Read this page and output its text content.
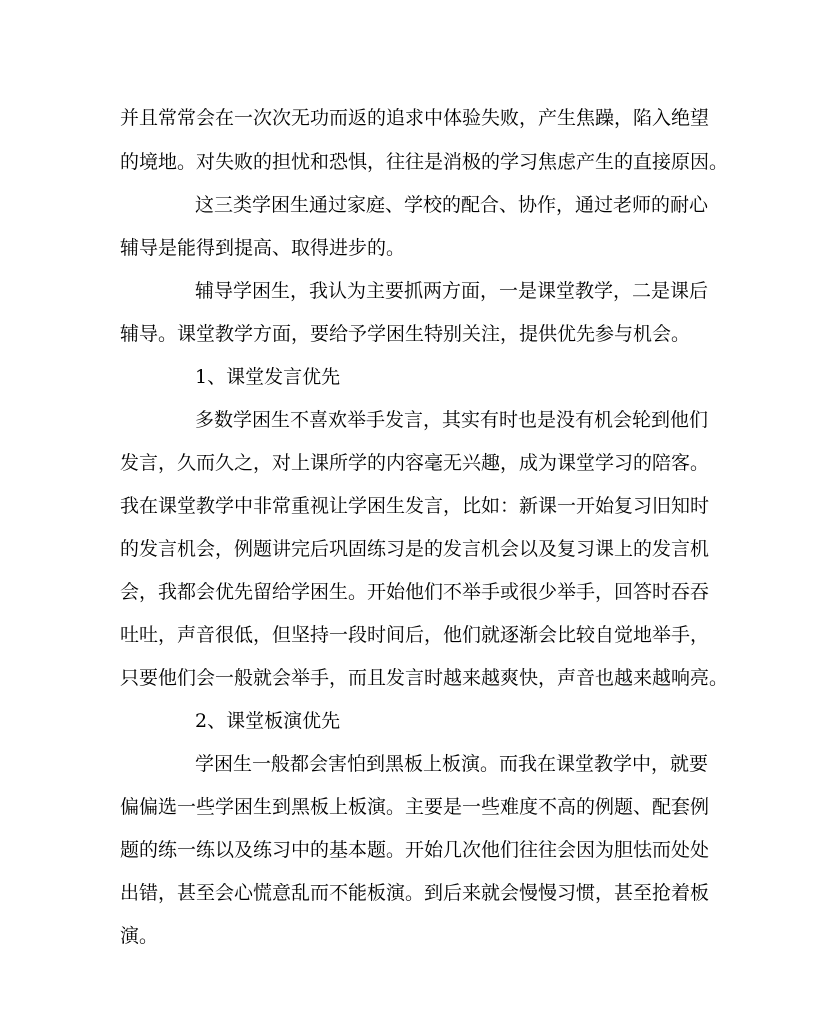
并且常常会在一次次无功而返的追求中体验失败，产生焦躁，陷入绝望
的境地。对失败的担忧和恐惧，往往是消极的学习焦虑产生的直接原因。
这三类学困生通过家庭、学校的配合、协作，通过老师的耐心
辅导是能得到提高、取得进步的。
辅导学困生，我认为主要抓两方面，一是课堂教学，二是课后
辅导。课堂教学方面，要给予学困生特别关注，提供优先参与机会。
1、课堂发言优先
多数学困生不喜欢举手发言，其实有时也是没有机会轮到他们
发言，久而久之，对上课所学的内容毫无兴趣，成为课堂学习的陪客。
我在课堂教学中非常重视让学困生发言，比如：新课一开始复习旧知时
的发言机会，例题讲完后巩固练习是的发言机会以及复习课上的发言机
会，我都会优先留给学困生。开始他们不举手或很少举手，回答时吞吞
吐吐，声音很低，但坚持一段时间后，他们就逐渐会比较自觉地举手，
只要他们会一般就会举手，而且发言时越来越爽快，声音也越来越响亮。
2、课堂板演优先
学困生一般都会害怕到黑板上板演。而我在课堂教学中，就要
偏偏选一些学困生到黑板上板演。主要是一些难度不高的例题、配套例
题的练一练以及练习中的基本题。开始几次他们往往会因为胆怯而处处
出错，甚至会心慌意乱而不能板演。到后来就会慢慢习惯，甚至抢着板
演。
